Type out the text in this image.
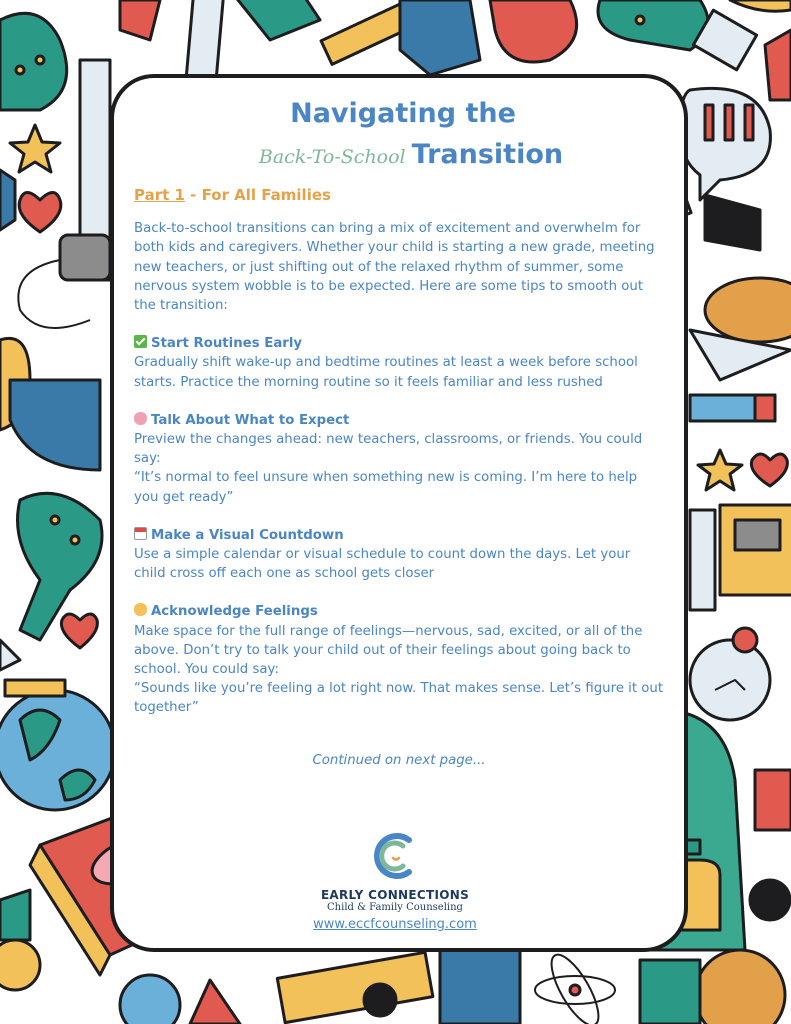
Navigating the
Back-To-School Transition
Part 1 - For All Families

Back-to-school transitions can bring a mix of excitement and overwhelm for both kids and caregivers. Whether your child is starting a new grade, meeting new teachers, or just shifting out of the relaxed rhythm of summer, some nervous system wobble is to be expected. Here are some tips to smooth out the transition:

Start Routines Early

Gradually shift wake-up and bedtime routines at least a week before school starts. Practice the morning routine so it feels familiar and less rushed

Talk About What to Expect

Preview the changes ahead: new teachers, classrooms, or friends. You could say:

“It’s normal to feel unsure when something new is coming. I’m here to help you get ready”

Make a Visual Countdown

Use a simple calendar or visual schedule to count down the days. Let your child cross off each one as school gets closer

Acknowledge Feelings

Make space for the full range of feelings—nervous, sad, excited, or all of the above. Don’t try to talk your child out of their feelings about going back to school. You could say:

“Sounds like you’re feeling a lot right now. That makes sense. Let’s figure it out together”

Continued on next page...

EARLY CONNECTIONS
Child & Family Counseling
www.eccfcounseling.com
